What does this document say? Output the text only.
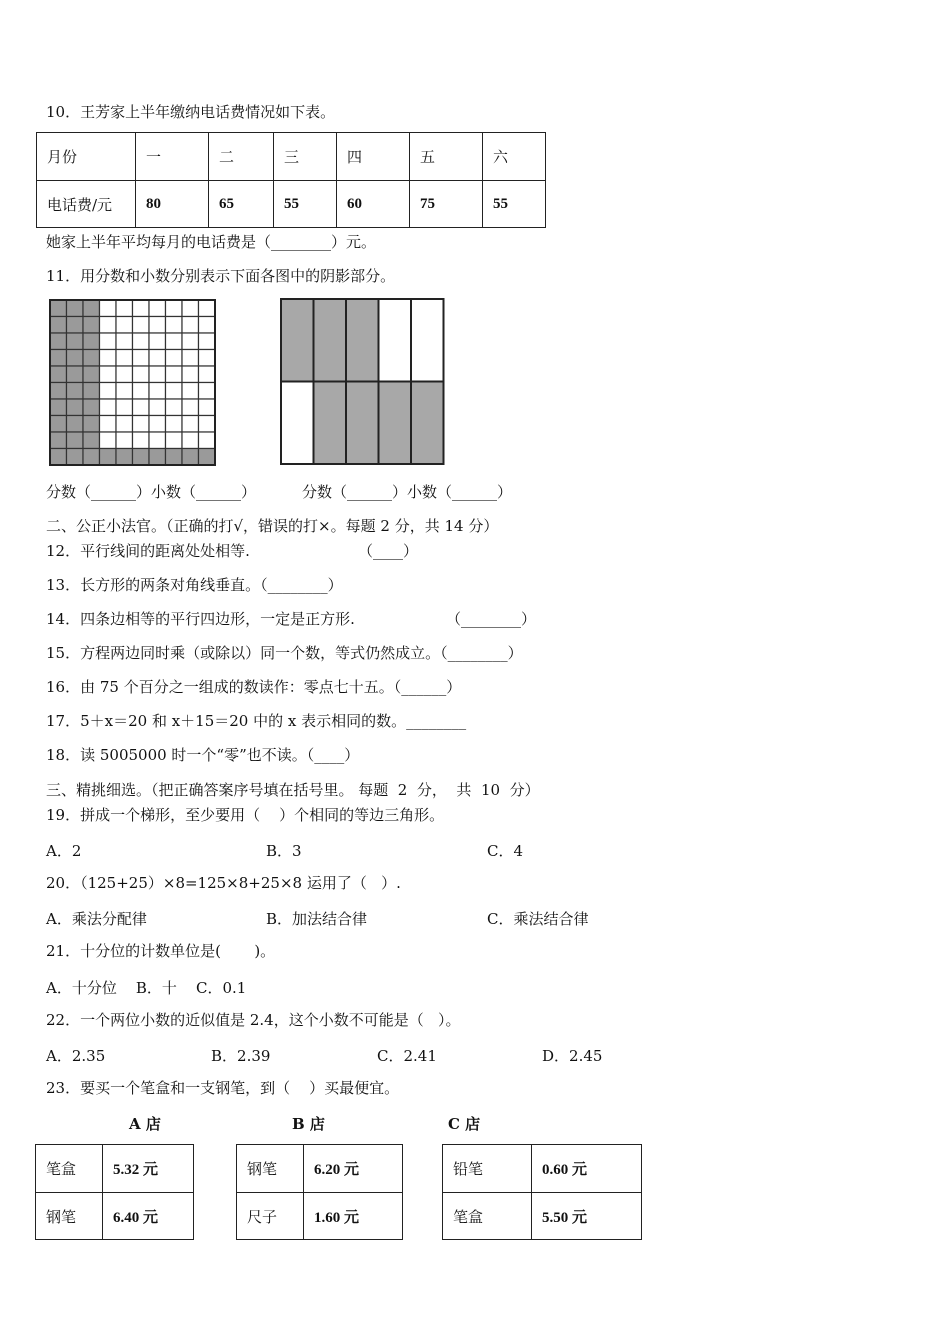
10．王芳家上半年缴纳电话费情况如下表。
月份	一	二	三	四	五	六
电话费/元	80	65	55	60	75	55
她家上半年平均每月的电话费是（________）元。
11．用分数和小数分别表示下面各图中的阴影部分。
分数（______）小数（______）	分数（______）小数（______）
二、公正小法官。（正确的打√，错误的打×。每题 2 分，共 14 分）
12．平行线间的距离处处相等.	（____）
13．长方形的两条对角线垂直。（________）
14．四条边相等的平行四边形，一定是正方形.	（________）
15．方程两边同时乘（或除以）同一个数，等式仍然成立。（________）
16．由 75 个百分之一组成的数读作：零点七十五。（______）
17．5＋x＝20 和 x＋15＝20 中的 x 表示相同的数。________
18．读 5005000 时一个“零”也不读。（____）
三、精挑细选。（把正确答案序号填在括号里。 每题  2  分，  共  10  分）
19．拼成一个梯形，至少要用（    ）个相同的等边三角形。
A．2	B．3	C．4
20．（125+25）×8=125×8+25×8 运用了（   ）.
A．乘法分配律	B．加法结合律	C．乘法结合律
21．十分位的计数单位是(       )。
A．十分位    B．十    C．0.1
22．一个两位小数的近似值是 2.4，这个小数不可能是（   ）。
A．2.35	B．2.39	C．2.41	D．2.45
23．要买一个笔盒和一支钢笔，到（    ）买最便宜。
A 店	B 店	C 店
笔盒	5.32 元
钢笔	6.40 元
钢笔	6.20 元
尺子	1.60 元
铅笔	0.60 元
笔盒	5.50 元
